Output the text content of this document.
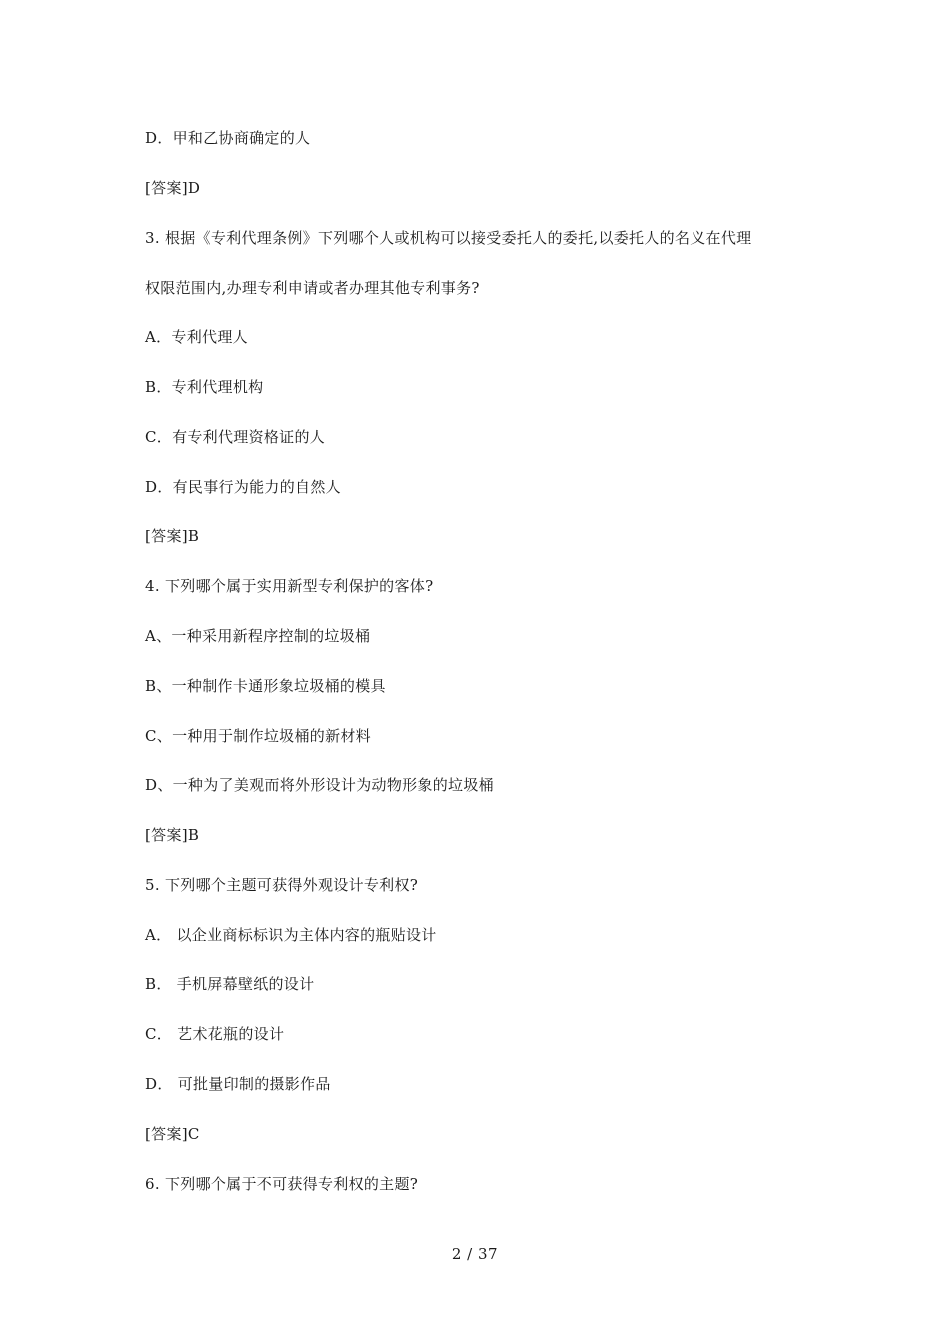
D．甲和乙协商确定的人
[答案]D
3. 根据《专利代理条例》下列哪个人或机构可以接受委托人的委托,以委托人的名义在代理
权限范围内,办理专利申请或者办理其他专利事务?
A．专利代理人
B．专利代理机构
C．有专利代理资格证的人
D．有民事行为能力的自然人
[答案]B
4. 下列哪个属于实用新型专利保护的客体?
A、一种采用新程序控制的垃圾桶
B、一种制作卡通形象垃圾桶的模具
C、一种用于制作垃圾桶的新材料
D、一种为了美观而将外形设计为动物形象的垃圾桶
[答案]B
5. 下列哪个主题可获得外观设计专利权?
A． 以企业商标标识为主体内容的瓶贴设计
B． 手机屏幕壁纸的设计
C． 艺术花瓶的设计
D． 可批量印制的摄影作品
[答案]C
6. 下列哪个属于不可获得专利权的主题?
2 / 37
